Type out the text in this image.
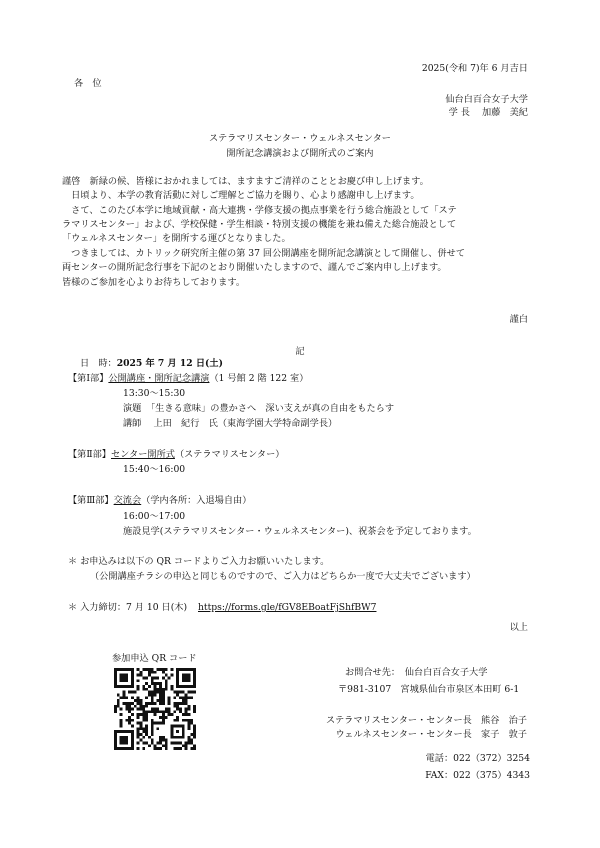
2025(令和 7)年 6 月吉日
各　位
仙台白百合女子大学
学 長　 加藤　美紀
ステラマリスセンター・ウェルネスセンター
開所記念講演および開所式のご案内
謹啓　新緑の候、皆様におかれましては、ますますご清祥のこととお慶び申し上げます。
　日頃より、本学の教育活動に対しご理解とご協力を賜り、心より感謝申し上げます。
　さて、このたび本学に地域貢献・高大連携・学修支援の拠点事業を行う総合施設として「ステ
ラマリスセンター」および、学校保健・学生相談・特別支援の機能を兼ね備えた総合施設として
「ウェルネスセンター」を開所する運びとなりました。
　つきましては、カトリック研究所主催の第 37 回公開講座を開所記念講演として開催し、併せて
両センターの開所記念行事を下記のとおり開催いたしますので、謹んでご案内申し上げます。
皆様のご参加を心よりお待ちしております。
謹白
記
日　時：2025 年 7 月 12 日(土)
【第Ⅰ部】公開講座・開所記念講演（1 号館 2 階 122 室）
13:30～15:30
演題　「生きる意味」の豊かさへ　深い支えが真の自由をもたらす
講師　 上田　紀行　氏（東海学園大学特命副学長）
【第Ⅱ部】センター開所式（ステラマリスセンター）
15:40～16:00
【第Ⅲ部】交流会（学内各所：入退場自由）
16:00～17:00
施設見学(ステラマリスセンター・ウェルネスセンター)、祝茶会を予定しております。
＊ お申込みは以下の QR コードよりご入力お願いいたします。
（公開講座チラシの申込と同じものですので、ご入力はどちらか一度で大丈夫でございます）
＊ 入力締切：7 月 10 日(木) https://forms.gle/fGV8EBoatFjShfBW7
以上
参加申込 QR コード
お問合せ先：　仙台白百合女子大学
〒981-3107　宮城県仙台市泉区本田町 6-1
ステラマリスセンター・センター長　熊谷　治子
ウェルネスセンター・センター長　家子　敦子
電話：022（372）3254
FAX：022（375）4343
